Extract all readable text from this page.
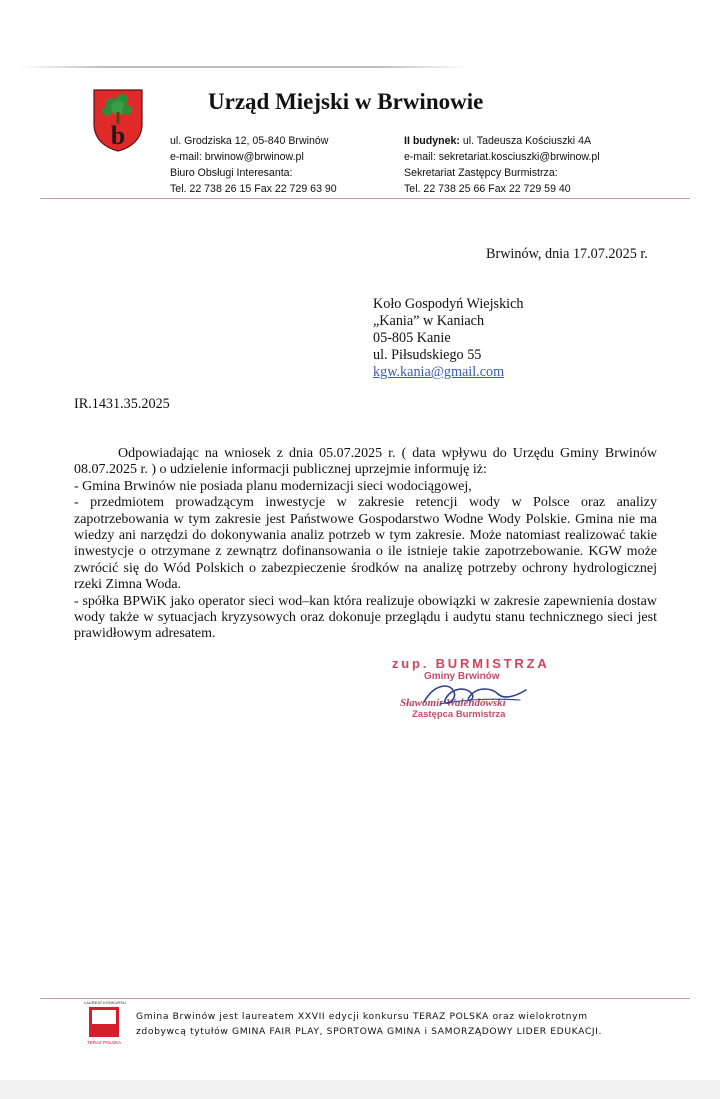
b
Urząd Miejski w Brwinowie
ul. Grodziska 12, 05-840 Brwinów
e-mail: brwinow@brwinow.pl
Biuro Obsługi Interesanta:
Tel. 22 738 26 15 Fax 22 729 63 90
II budynek: ul. Tadeusza Kościuszki 4A
e-mail: sekretariat.kosciuszki@brwinow.pl
Sekretariat Zastępcy Burmistrza:
Tel. 22 738 25 66 Fax 22 729 59 40
Brwinów, dnia 17.07.2025 r.
Koło Gospodyń Wiejskich
„Kania” w Kaniach
05-805 Kanie
ul. Piłsudskiego 55
kgw.kania@gmail.com
IR.1431.35.2025

Odpowiadając na wniosek z dnia 05.07.2025 r. ( data wpływu do Urzędu Gminy Brwinów 08.07.2025 r. ) o udzielenie informacji publicznej uprzejmie informuję iż:

- Gmina Brwinów nie posiada planu modernizacji sieci wodociągowej,

- przedmiotem prowadzącym inwestycje w zakresie retencji wody w Polsce oraz analizy zapotrzebowania w tym zakresie jest Państwowe Gospodarstwo Wodne Wody Polskie. Gmina nie ma wiedzy ani narzędzi do dokonywania analiz potrzeb w tym zakresie. Może natomiast realizować takie inwestycje o otrzymane z zewnątrz dofinansowania o ile istnieje takie zapotrzebowanie. KGW może zwrócić się do Wód Polskich o zabezpieczenie środków na analizę potrzeby ochrony hydrologicznej rzeki Zimna Woda.

- spółka BPWiK jako operator sieci wod–kan która realizuje obowiązki w zakresie zapewnienia dostaw wody także w sytuacjach kryzysowych oraz dokonuje przeglądu i audytu stanu technicznego sieci jest prawidłowym adresatem.

zup. BURMISTRZA
Gminy Brwinów
Sławomir Walendowski
Zastępca Burmistrza
LAUREAT KONKURSU
TERAZ POLSKA
Gmina Brwinów jest laureatem XXVII edycji konkursu TERAZ POLSKA oraz wielokrotnym
zdobywcą tytułów GMINA FAIR PLAY, SPORTOWA GMINA i SAMORZĄDOWY LIDER EDUKACJI.
